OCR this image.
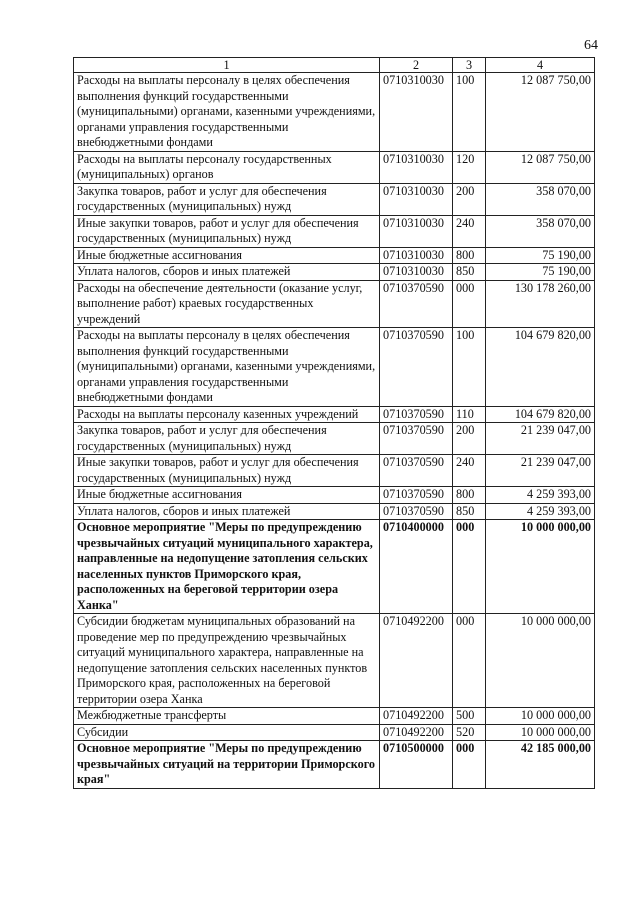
64
1	2	3	4
Расходы на выплаты персоналу в целях обеспечения выполнения функций государственными (муниципальными) органами, казенными учреждениями, органами управления государственными внебюджетными фондами	0710310030	100	12 087 750,00
Расходы на выплаты персоналу государственных (муниципальных) органов	0710310030	120	12 087 750,00
Закупка товаров, работ и услуг для обеспечения государственных (муниципальных) нужд	0710310030	200	358 070,00
Иные закупки товаров, работ и услуг для обеспечения государственных (муниципальных) нужд	0710310030	240	358 070,00
Иные бюджетные ассигнования	0710310030	800	75 190,00
Уплата налогов, сборов и иных платежей	0710310030	850	75 190,00
Расходы на обеспечение деятельности (оказание услуг, выполнение работ) краевых государственных учреждений	0710370590	000	130 178 260,00
Расходы на выплаты персоналу в целях обеспечения выполнения функций государственными (муниципальными) органами, казенными учреждениями, органами управления государственными внебюджетными фондами	0710370590	100	104 679 820,00
Расходы на выплаты персоналу казенных учреждений	0710370590	110	104 679 820,00
Закупка товаров, работ и услуг для обеспечения государственных (муниципальных) нужд	0710370590	200	21 239 047,00
Иные закупки товаров, работ и услуг для обеспечения государственных (муниципальных) нужд	0710370590	240	21 239 047,00
Иные бюджетные ассигнования	0710370590	800	4 259 393,00
Уплата налогов, сборов и иных платежей	0710370590	850	4 259 393,00
Основное мероприятие "Меры по предупреждению чрезвычайных ситуаций муниципального характера, направленные на недопущение затопления сельских населенных пунктов Приморского края, расположенных на береговой территории озера Ханка"	0710400000	000	10 000 000,00
Субсидии бюджетам муниципальных образований на проведение мер по предупреждению чрезвычайных ситуаций муниципального характера, направленные на недопущение затопления сельских населенных пунктов Приморского края, расположенных на береговой территории озера Ханка	0710492200	000	10 000 000,00
Межбюджетные трансферты	0710492200	500	10 000 000,00
Субсидии	0710492200	520	10 000 000,00
Основное мероприятие "Меры по предупреждению чрезвычайных ситуаций на территории Приморского края"	0710500000	000	42 185 000,00
